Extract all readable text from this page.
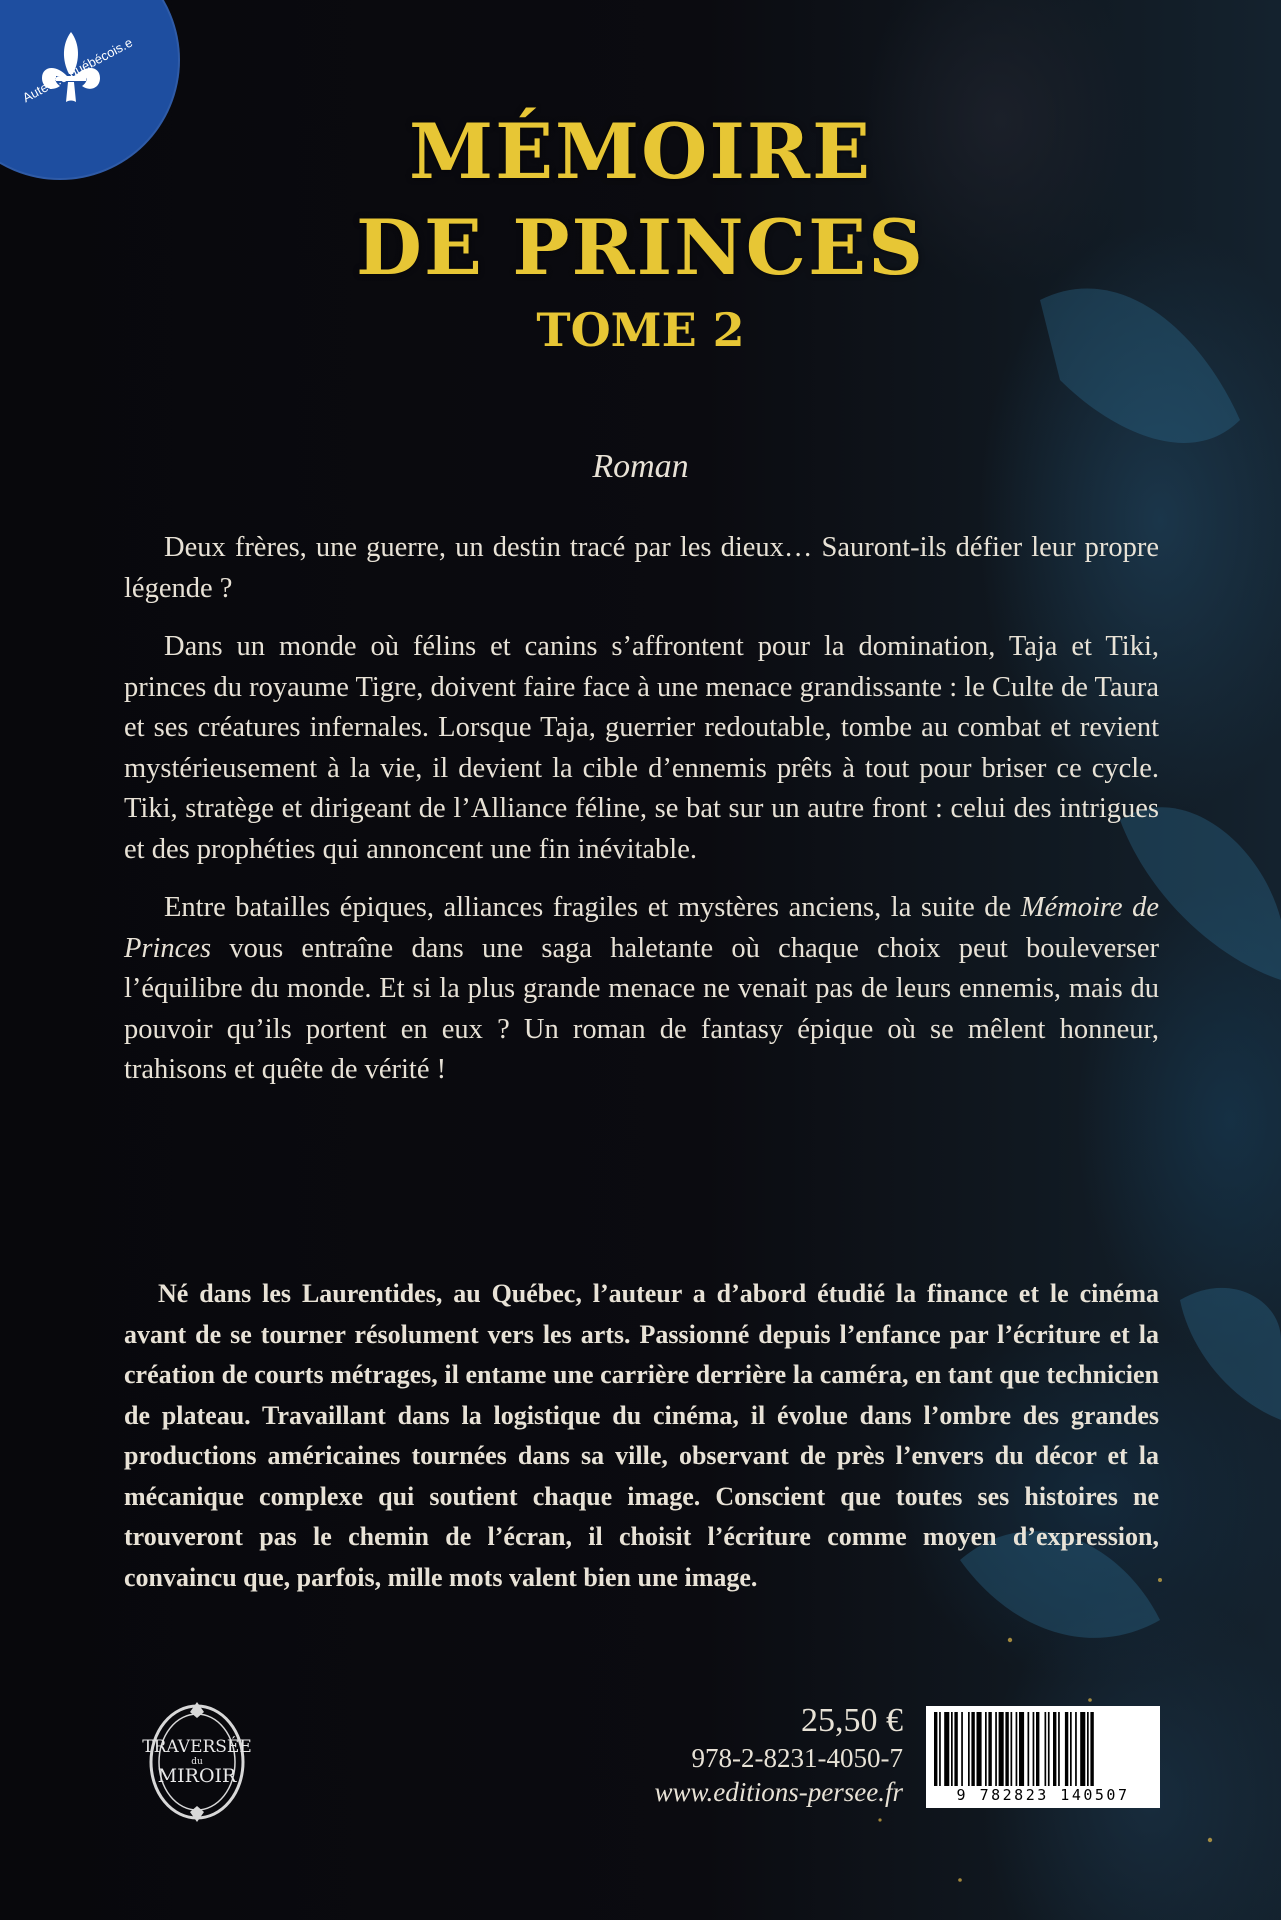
Auteur.e québécois.e
MÉMOIRE
DE PRINCES
TOME 2
Roman

Deux frères, une guerre, un destin tracé par les dieux… Sauront-ils défier leur propre légende ?

Dans un monde où félins et canins s’affrontent pour la domination, Taja et Tiki, princes du royaume Tigre, doivent faire face à une menace grandissante : le Culte de Taura et ses créatures infernales. Lorsque Taja, guerrier redoutable, tombe au combat et revient mystérieusement à la vie, il devient la cible d’ennemis prêts à tout pour briser ce cycle. Tiki, stratège et dirigeant de l’Alliance féline, se bat sur un autre front : celui des intrigues et des prophéties qui annoncent une fin inévitable.

Entre batailles épiques, alliances fragiles et mystères anciens, la suite de Mémoire de Princes vous entraîne dans une saga haletante où chaque choix peut bouleverser l’équilibre du monde. Et si la plus grande menace ne venait pas de leurs ennemis, mais du pouvoir qu’ils portent en eux ? Un roman de fantasy épique où se mêlent honneur, trahisons et quête de vérité !

Né dans les Laurentides, au Québec, l’auteur a d’abord étudié la finance et le cinéma avant de se tourner résolument vers les arts. Passionné depuis l’enfance par l’écriture et la création de courts métrages, il entame une carrière derrière la caméra, en tant que technicien de plateau. Travaillant dans la logistique du cinéma, il évolue dans l’ombre des grandes productions américaines tournées dans sa ville, observant de près l’envers du décor et la mécanique complexe qui soutient chaque image. Conscient que toutes ses histoires ne trouveront pas le chemin de l’écran, il choisit l’écriture comme moyen d’expression, convaincu que, parfois, mille mots valent bien une image.

TRAVERSÉE
du
MIROIR
25,50 €
978-2-8231-4050-7
www.editions-persee.fr	9 782823 140507
